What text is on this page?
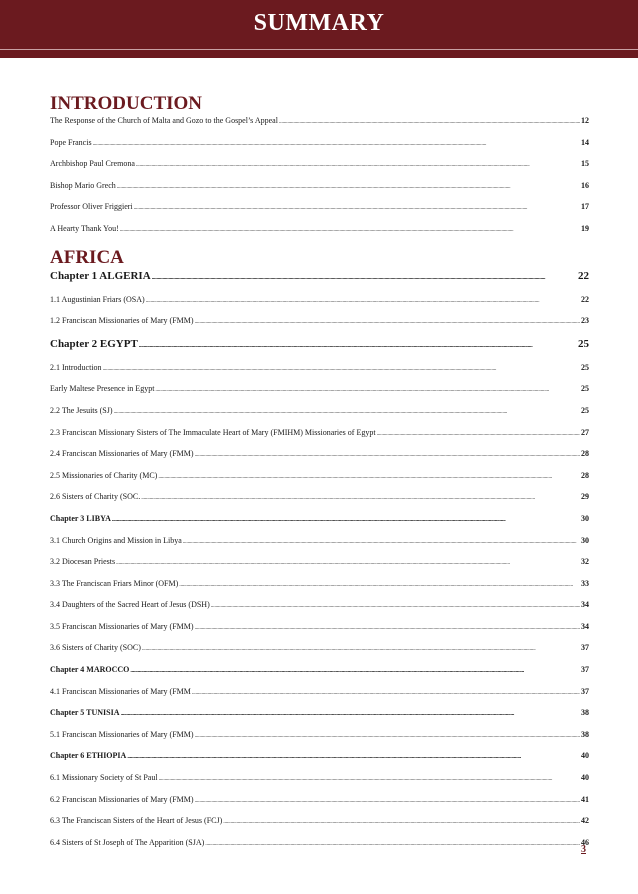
SUMMARY
INTRODUCTION
The Response of the Church of Malta and Gozo to the Gospel’s Appeal .....	12
Pope Francis .....	14
Archbishop Paul Cremona .....	15
Bishop Mario Grech .....	16
Professor Oliver Friggieri .....	17
A Hearty Thank You! .....	19
AFRICA
Chapter 1 ALGERIA .....	22
1.1 Augustinian Friars (OSA) .....	22
1.2 Franciscan Missionaries of Mary (FMM) .....	23
Chapter 2 EGYPT .....	25
2.1 Introduction .....	25
Early Maltese Presence in Egypt .....	25
2.2 The Jesuits (SJ) .....	25
2.3 Franciscan Missionary Sisters of The Immaculate Heart of Mary (FMIHM) Missionaries of Egypt .....	27
2.4 Franciscan Missionaries of Mary (FMM) .....	28
2.5 Missionaries of Charity (MC) .....	28
2.6 Sisters of Charity (SOC. .....	29
Chapter 3 LIBYA .....	30
3.1 Church Origins and Mission in Libya .....	30
3.2 Diocesan Priests .....	32
3.3 The Franciscan Friars Minor (OFM) .....	33
3.4 Daughters of the Sacred Heart of Jesus (DSH) .....	34
3.5 Franciscan Missionaries of Mary (FMM) .....	34
3.6 Sisters of Charity (SOC) .....	37
Chapter 4 MAROCCO .....	37
4.1 Franciscan Missionaries of Mary (FMM .....	37
Chapter 5 TUNISIA .....	38
5.1 Franciscan Missionaries of Mary (FMM) .....	38
Chapter 6 ETHIOPIA .....	40
6.1 Missionary Society of St Paul .....	40
6.2 Franciscan Missionaries of Mary (FMM) .....	41
6.3 The Franciscan Sisters of the Heart of Jesus (FCJ) .....	42
6.4 Sisters of St Joseph of The Apparition (SJA) .....	46
3
